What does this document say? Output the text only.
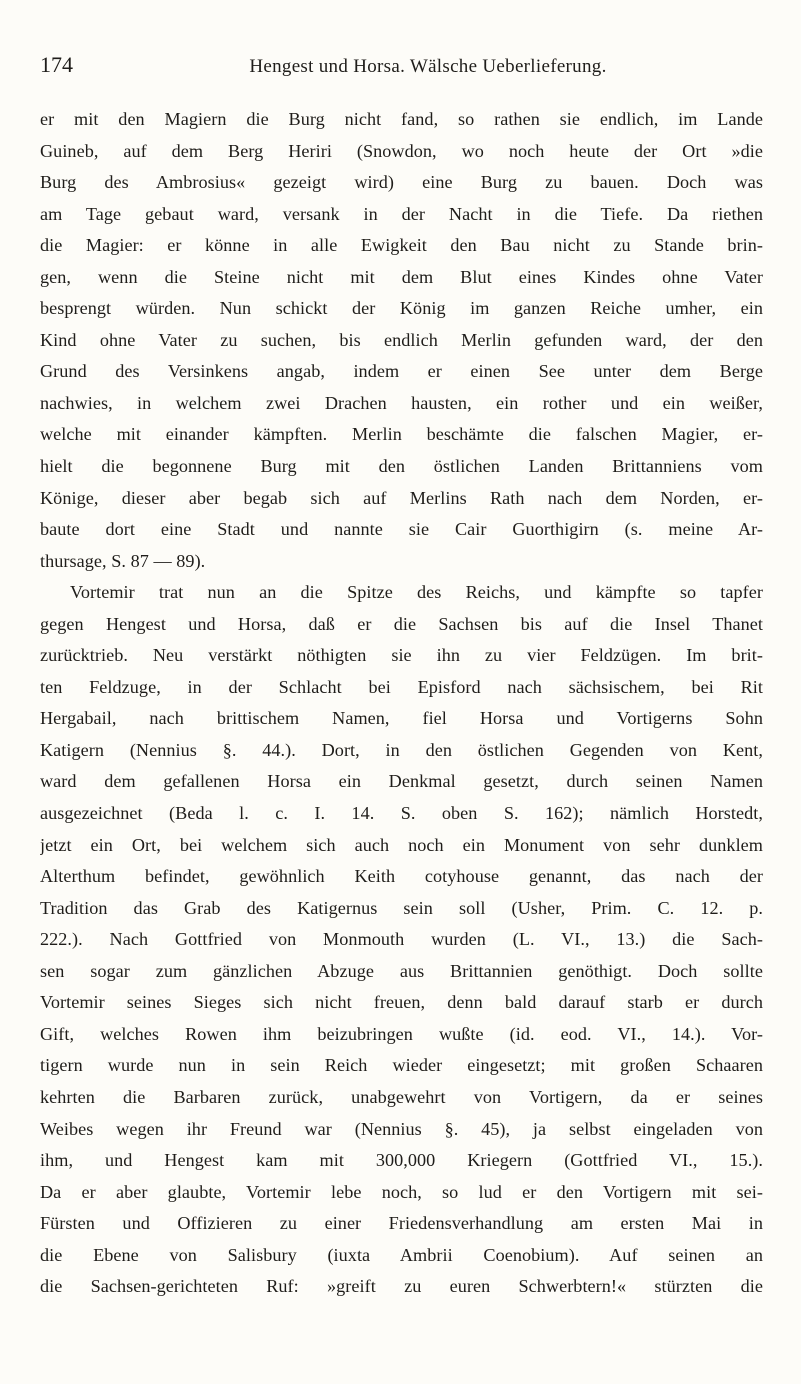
174	Hengest und Horsa. Wälsche Ueberlieferung.
er mit den Magiern die Burg nicht fand, so rathen sie endlich, im Lande
Guineb, auf dem Berg Heriri (Snowdon, wo noch heute der Ort »die
Burg des Ambrosius« gezeigt wird) eine Burg zu bauen. Doch was
am Tage gebaut ward, versank in der Nacht in die Tiefe. Da riethen
die Magier: er könne in alle Ewigkeit den Bau nicht zu Stande brin-
gen, wenn die Steine nicht mit dem Blut eines Kindes ohne Vater
besprengt würden. Nun schickt der König im ganzen Reiche umher, ein
Kind ohne Vater zu suchen, bis endlich Merlin gefunden ward, der den
Grund des Versinkens angab, indem er einen See unter dem Berge
nachwies, in welchem zwei Drachen hausten, ein rother und ein weißer,
welche mit einander kämpften. Merlin beschämte die falschen Magier, er-
hielt die begonnene Burg mit den östlichen Landen Brittanniens vom
Könige, dieser aber begab sich auf Merlins Rath nach dem Norden, er-
baute dort eine Stadt und nannte sie Cair Guorthigirn (s. meine Ar-
thursage, S. 87 — 89).
Vortemir trat nun an die Spitze des Reichs, und kämpfte so tapfer
gegen Hengest und Horsa, daß er die Sachsen bis auf die Insel Thanet
zurücktrieb. Neu verstärkt nöthigten sie ihn zu vier Feldzügen. Im brit-
ten Feldzuge, in der Schlacht bei Episford nach sächsischem, bei Rit
Hergabail, nach brittischem Namen, fiel Horsa und Vortigerns Sohn
Katigern (Nennius §. 44.). Dort, in den östlichen Gegenden von Kent,
ward dem gefallenen Horsa ein Denkmal gesetzt, durch seinen Namen
ausgezeichnet (Beda l. c. I. 14. S. oben S. 162); nämlich Horstedt,
jetzt ein Ort, bei welchem sich auch noch ein Monument von sehr dunklem
Alterthum befindet, gewöhnlich Keith cotyhouse genannt, das nach der
Tradition das Grab des Katigernus sein soll (Usher, Prim. C. 12. p.
222.). Nach Gottfried von Monmouth wurden (L. VI., 13.) die Sach-
sen sogar zum gänzlichen Abzuge aus Brittannien genöthigt. Doch sollte
Vortemir seines Sieges sich nicht freuen, denn bald darauf starb er durch
Gift, welches Rowen ihm beizubringen wußte (id. eod. VI., 14.). Vor-
tigern wurde nun in sein Reich wieder eingesetzt; mit großen Schaaren
kehrten die Barbaren zurück, unabgewehrt von Vortigern, da er seines
Weibes wegen ihr Freund war (Nennius §. 45), ja selbst eingeladen von
ihm, und Hengest kam mit 300,000 Kriegern (Gottfried VI., 15.).
Da er aber glaubte, Vortemir lebe noch, so lud er den Vortigern mit sei-
Fürsten und Offizieren zu einer Friedensverhandlung am ersten Mai in
die Ebene von Salisbury (iuxta Ambrii Coenobium). Auf seinen an
die Sachsen-gerichteten Ruf: »greift zu euren Schwerbtern!« stürzten die
